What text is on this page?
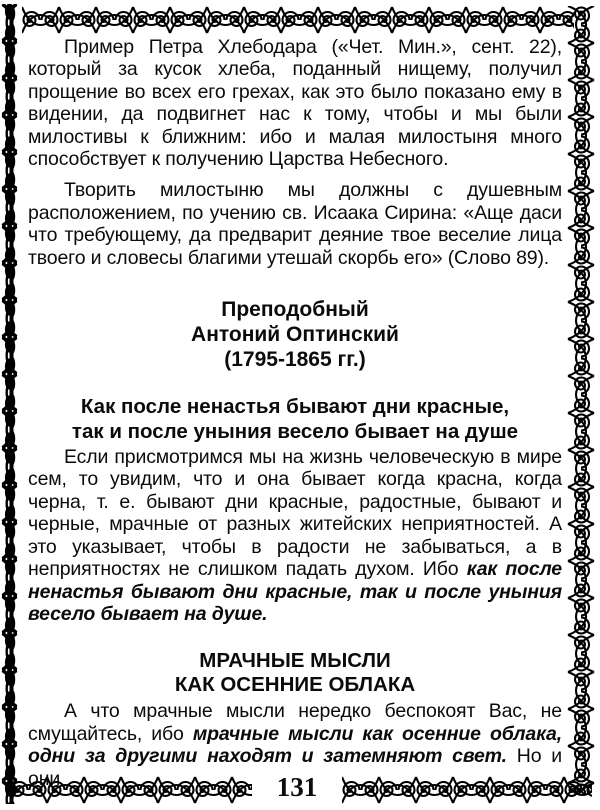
Пример Петра Хлебодара («Чет. Мин.», сент. 22), который за кусок хлеба, поданный нищему, получил прощение во всех его грехах, как это было показано ему в видении, да подвигнет нас к тому, чтобы и мы были милостивы к ближним: ибо и малая милостыня много способствует к получению Царства Небесного.

Творить милостыню мы должны с душевным расположением, по учению св. Исаака Сирина: «Аще даси что требующему, да предварит деяние твое веселие лица твоего и словесы благими утешай скорбь его» (Слово 89).

Преподобный
Антоний Оптинский
(1795-1865 гг.)
Как после ненастья бывают дни красные,
так и после уныния весело бывает на душе

Если присмотримся мы на жизнь человеческую в мире сем, то увидим, что и она бывает когда красна, когда черна, т. е. бывают дни красные, радостные, бывают и черные, мрачные от разных житейских неприятностей. А это указывает, чтобы в радости не забываться, а в неприятностях не слишком падать духом. Ибо как после ненастья бывают дни красные, так и после уныния весело бывает на душе.

МРАЧНЫЕ МЫСЛИ
КАК ОСЕННИЕ ОБЛАКА

А что мрачные мысли нередко беспокоят Вас, не смущайтесь, ибо мрачные мысли как осенние облака, одни за другими находят и затемняют свет. Но и они	131
